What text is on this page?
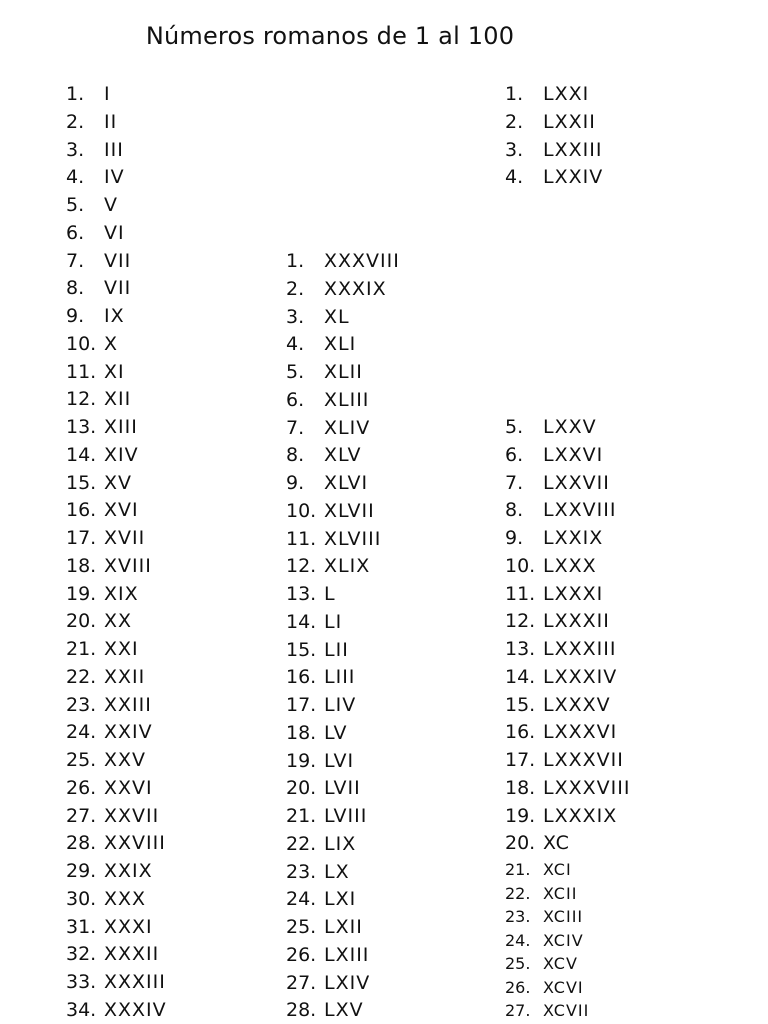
Números romanos de 1 al 100
1. I
2. II
3. III
4. IV
5. V
6. VI
7. VII
8. VII
9. IX
10. X
11. XI
12. XII
13. XIII
14. XIV
15. XV
16. XVI
17. XVII
18. XVIII
19. XIX
20. XX
21. XXI
22. XXII
23. XXIII
24. XXIV
25. XXV
26. XXVI
27. XXVII
28. XXVIII
29. XXIX
30. XXX
31. XXXI
32. XXXII
33. XXXIII
34. XXXIV
1. XXXVIII
2. XXXIX
3. XL
4. XLI
5. XLII
6. XLIII
7. XLIV
8. XLV
9. XLVI
10. XLVII
11. XLVIII
12. XLIX
13. L
14. LI
15. LII
16. LIII
17. LIV
18. LV
19. LVI
20. LVII
21. LVIII
22. LIX
23. LX
24. LXI
25. LXII
26. LXIII
27. LXIV
28. LXV
1. LXXI
2. LXXII
3. LXXIII
4. LXXIV
5. LXXV
6. LXXVI
7. LXXVII
8. LXXVIII
9. LXXIX
10. LXXX
11. LXXXI
12. LXXXII
13. LXXXIII
14. LXXXIV
15. LXXXV
16. LXXXVI
17. LXXXVII
18. LXXXVIII
19. LXXXIX
20. XC
21. XCI
22. XCII
23. XCIII
24. XCIV
25. XCV
26. XCVI
27. XCVII
